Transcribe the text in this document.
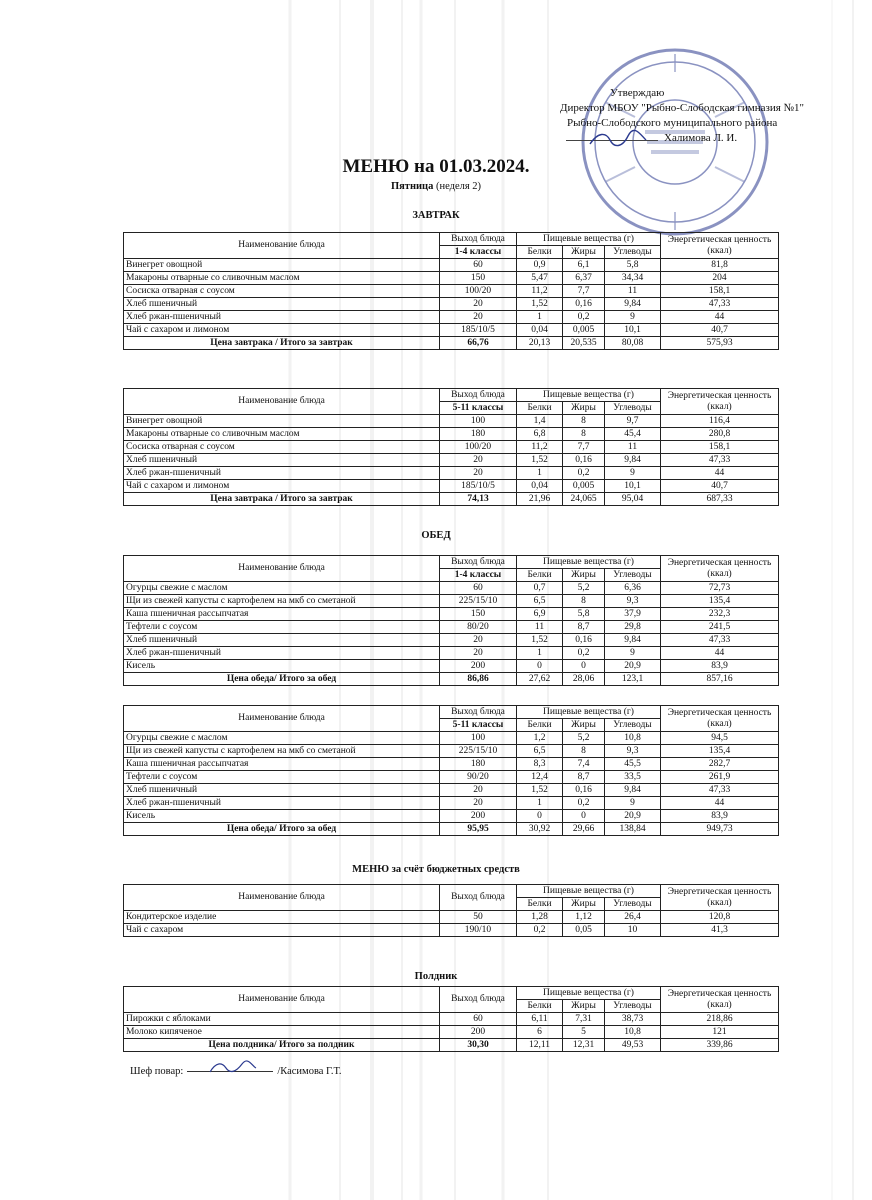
Утверждаю
Директор МБОУ "Рыбно-Слободская гимназия №1"
Рыбно-Слободского муниципального района
Халимова Л. И.
МЕНЮ на 01.03.2024.
Пятница (неделя 2)
ЗАВТРАК
Наименование блюда	Выход блюда	Пищевые вещества (г)			Энергетическая ценность (ккал)
	1-4 классы	Белки	Жиры	Углеводы	
Винегрет овощной	60	0,9	6,1	5,8	81,8
Макароны отварные со сливочным маслом	150	5,47	6,37	34,34	204
Сосиска отварная с соусом	100/20	11,2	7,7	11	158,1
Хлеб пшеничный	20	1,52	0,16	9,84	47,33
Хлеб ржан-пшеничный	20	1	0,2	9	44
Чай с сахаром и лимоном	185/10/5	0,04	0,005	10,1	40,7
Цена завтрака / Итого за завтрак	66,76	20,13	20,535	80,08	575,93
Наименование блюда	Выход блюда	Пищевые вещества (г)			Энергетическая ценность (ккал)
	5-11 классы	Белки	Жиры	Углеводы	
Винегрет овощной	100	1,4	8	9,7	116,4
Макароны отварные со сливочным маслом	180	6,8	8	45,4	280,8
Сосиска отварная с соусом	100/20	11,2	7,7	11	158,1
Хлеб пшеничный	20	1,52	0,16	9,84	47,33
Хлеб ржан-пшеничный	20	1	0,2	9	44
Чай с сахаром и лимоном	185/10/5	0,04	0,005	10,1	40,7
Цена завтрака / Итого за завтрак	74,13	21,96	24,065	95,04	687,33
ОБЕД
Наименование блюда	Выход блюда	Пищевые вещества (г)			Энергетическая ценность (ккал)
	1-4 классы	Белки	Жиры	Углеводы	
Огурцы свежие с маслом	60	0,7	5,2	6,36	72,73
Щи из свежей капусты с картофелем на мкб со сметаной	225/15/10	6,5	8	9,3	135,4
Каша пшеничная рассыпчатая	150	6,9	5,8	37,9	232,3
Тефтели с соусом	80/20	11	8,7	29,8	241,5
Хлеб пшеничный	20	1,52	0,16	9,84	47,33
Хлеб ржан-пшеничный	20	1	0,2	9	44
Кисель	200	0	0	20,9	83,9
Цена обеда/ Итого за обед	86,86	27,62	28,06	123,1	857,16
Наименование блюда	Выход блюда	Пищевые вещества (г)			Энергетическая ценность (ккал)
	5-11 классы	Белки	Жиры	Углеводы	
Огурцы свежие с маслом	100	1,2	5,2	10,8	94,5
Щи из свежей капусты с картофелем на мкб со сметаной	225/15/10	6,5	8	9,3	135,4
Каша пшеничная рассыпчатая	180	8,3	7,4	45,5	282,7
Тефтели с соусом	90/20	12,4	8,7	33,5	261,9
Хлеб пшеничный	20	1,52	0,16	9,84	47,33
Хлеб ржан-пшеничный	20	1	0,2	9	44
Кисель	200	0	0	20,9	83,9
Цена обеда/ Итого за обед	95,95	30,92	29,66	138,84	949,73
МЕНЮ за счёт бюджетных средств
Наименование блюда	Выход блюда	Пищевые вещества (г)			Энергетическая ценность (ккал)
		Белки	Жиры	Углеводы	
Кондитерское изделие	50	1,28	1,12	26,4	120,8
Чай с сахаром	190/10	0,2	0,05	10	41,3
Полдник
Наименование блюда	Выход блюда	Пищевые вещества (г)			Энергетическая ценность (ккал)
		Белки	Жиры	Углеводы	
Пирожки с яблоками	60	6,11	7,31	38,73	218,86
Молоко кипяченое	200	6	5	10,8	121
Цена полдника/ Итого за полдник	30,30	12,11	12,31	49,53	339,86
Шеф повар:	/Касимова Г.Т.
